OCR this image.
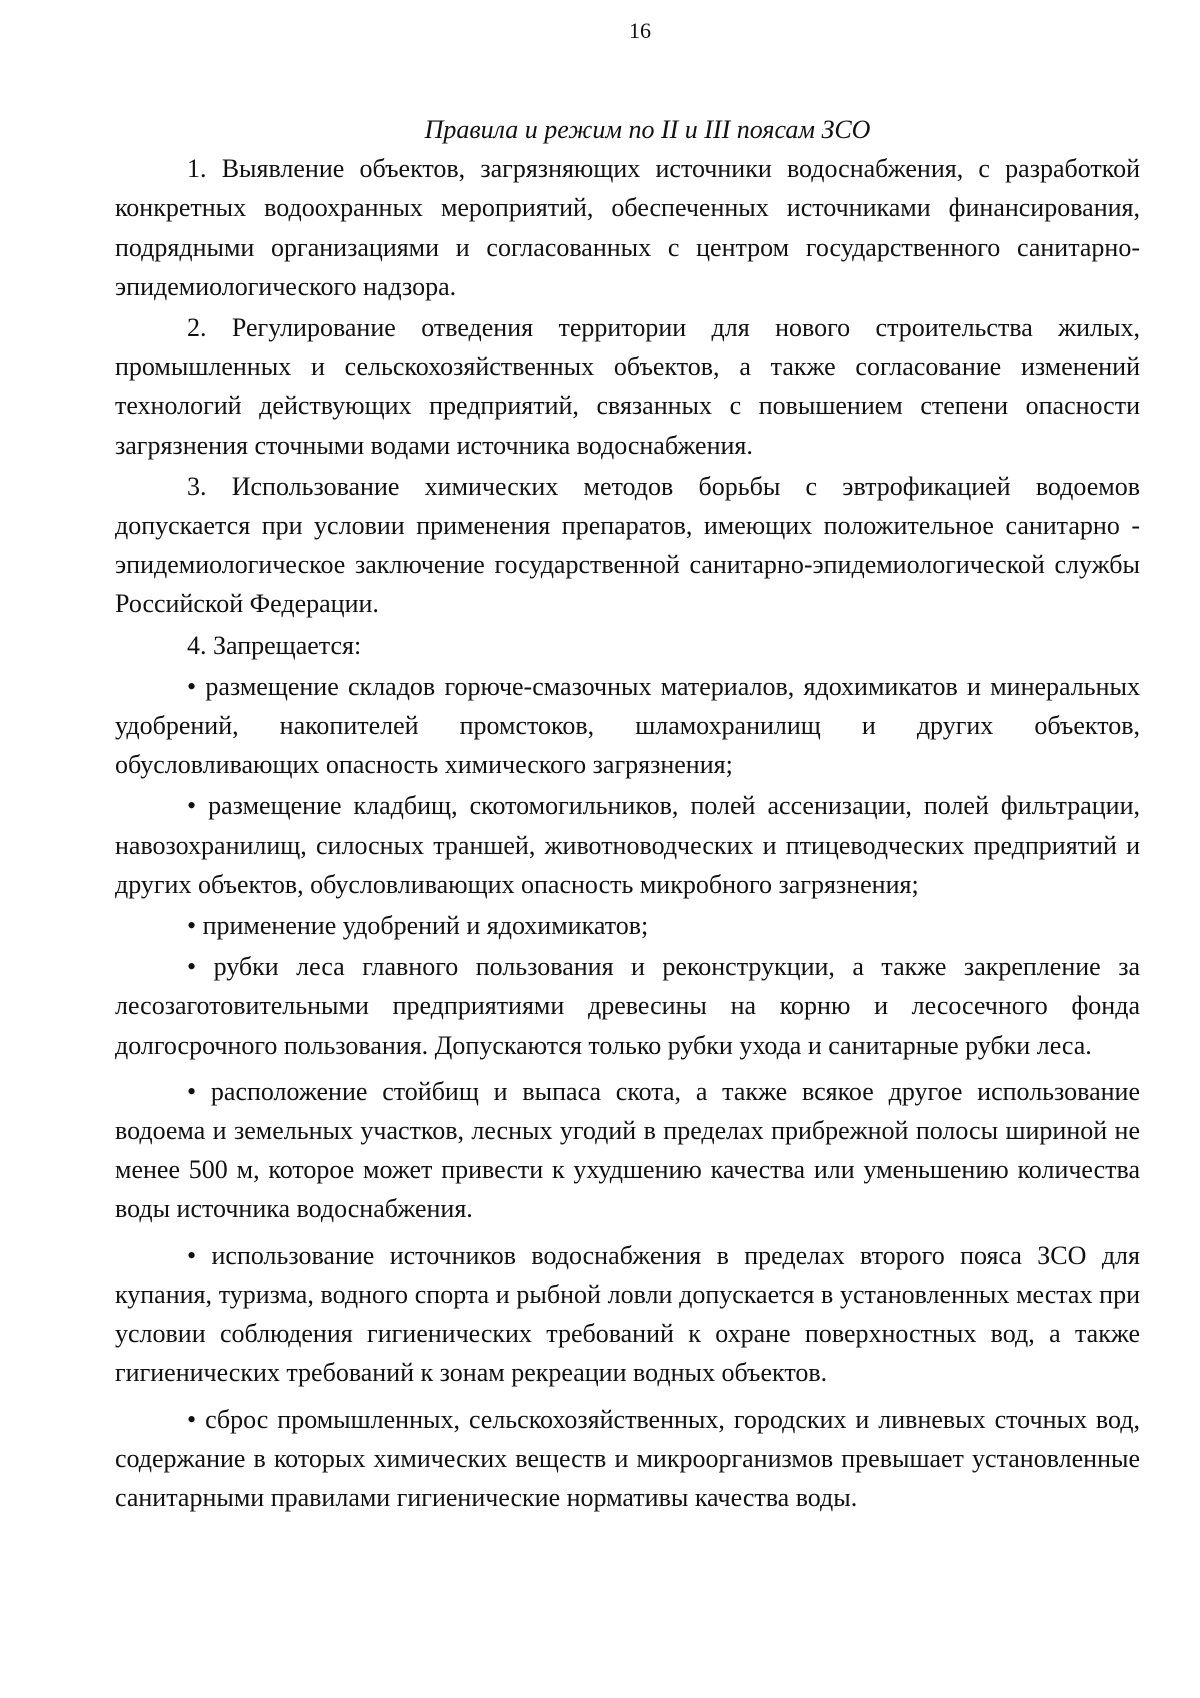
16

Правила и режим по II и III поясам ЗСО

1. Выявление объектов, загрязняющих источники водоснабжения, с разработкой конкретных водоохранных мероприятий, обеспеченных источниками финансирования, подрядными организациями и согласованных с центром государственного санитарно-эпидемиологического надзора.

2. Регулирование отведения территории для нового строительства жилых, промышленных и сельскохозяйственных объектов, а также согласование изменений технологий действующих предприятий, связанных с повышением степени опасности загрязнения сточными водами источника водоснабжения.

3. Использование химических методов борьбы с эвтрофикацией водоемов допускается при условии применения препаратов, имеющих положительное санитарно - эпидемиологическое заключение государственной санитарно-эпидемиологической службы Российской Федерации.

4. Запрещается:

• размещение складов горюче-смазочных материалов, ядохимикатов и минеральных удобрений, накопителей промстоков, шламохранилищ и других объектов, обусловливающих опасность химического загрязнения;

• размещение кладбищ, скотомогильников, полей ассенизации, полей фильтрации, навозохранилищ, силосных траншей, животноводческих и птицеводческих предприятий и других объектов, обусловливающих опасность микробного загрязнения;

• применение удобрений и ядохимикатов;

• рубки леса главного пользования и реконструкции, а также закрепление за лесозаготовительными предприятиями древесины на корню и лесосечного фонда долгосрочного пользования. Допускаются только рубки ухода и санитарные рубки леса.

• расположение стойбищ и выпаса скота, а также всякое другое использование водоема и земельных участков, лесных угодий в пределах прибрежной полосы шириной не менее 500 м, которое может привести к ухудшению качества или уменьшению количества воды источника водоснабжения.

• использование источников водоснабжения в пределах второго пояса ЗСО для купания, туризма, водного спорта и рыбной ловли допускается в установленных местах при условии соблюдения гигиенических требований к охране поверхностных вод, а также гигиенических требований к зонам рекреации водных объектов.

• сброс промышленных, сельскохозяйственных, городских и ливневых сточных вод, содержание в которых химических веществ и микроорганизмов превышает установленные санитарными правилами гигиенические нормативы качества воды.
